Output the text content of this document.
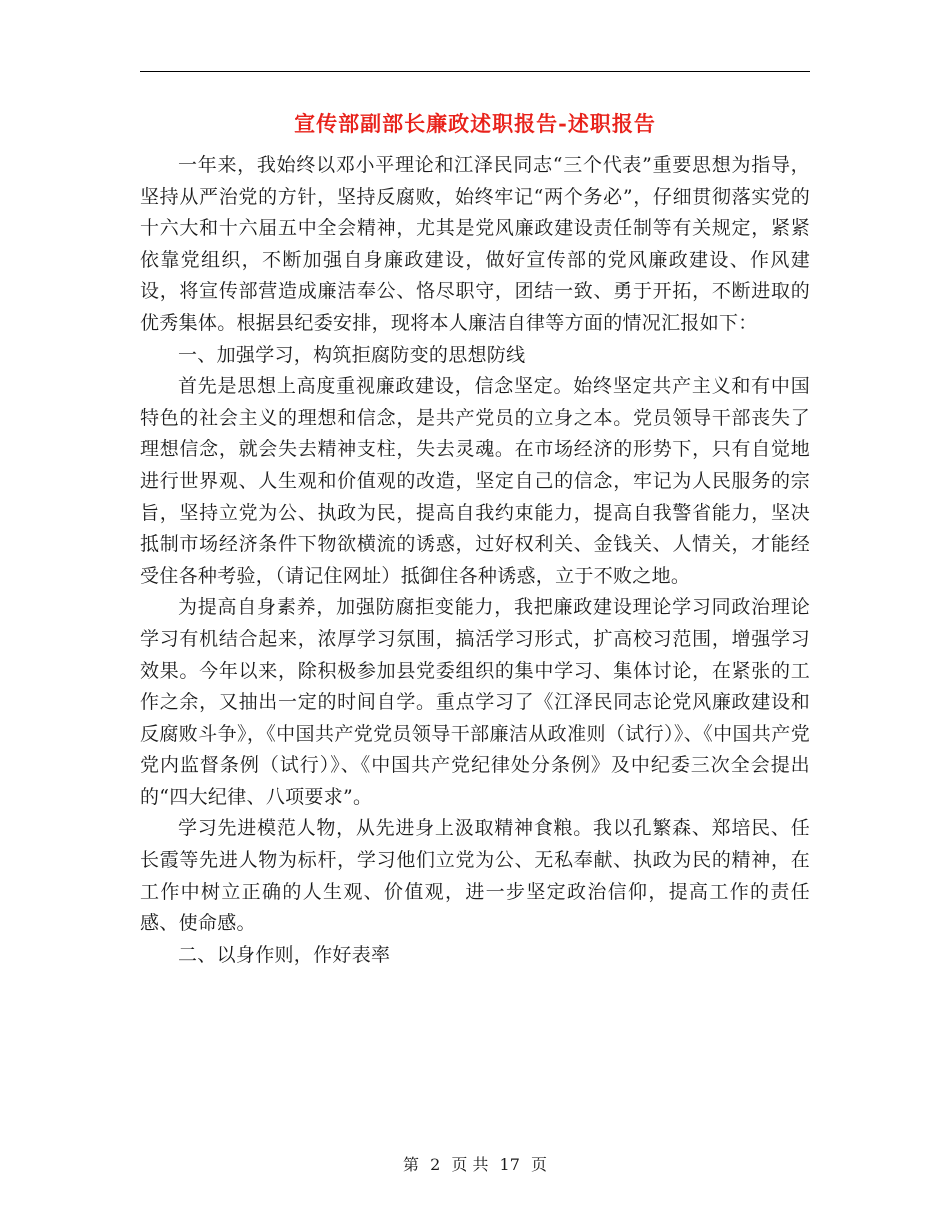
宣传部副部长廉政述职报告-述职报告

一年来，我始终以邓小平理论和江泽民同志“三个代表”重要思想为指导，坚持从严治党的方针，坚持反腐败，始终牢记“两个务必”，仔细贯彻落实党的十六大和十六届五中全会精神，尤其是党风廉政建设责任制等有关规定，紧紧依靠党组织，不断加强自身廉政建设，做好宣传部的党风廉政建设、作风建设，将宣传部营造成廉洁奉公、恪尽职守，团结一致、勇于开拓，不断进取的优秀集体。根据县纪委安排，现将本人廉洁自律等方面的情况汇报如下：

一、加强学习，构筑拒腐防变的思想防线

首先是思想上高度重视廉政建设，信念坚定。始终坚定共产主义和有中国特色的社会主义的理想和信念，是共产党员的立身之本。党员领导干部丧失了理想信念，就会失去精神支柱，失去灵魂。在市场经济的形势下，只有自觉地进行世界观、人生观和价值观的改造，坚定自己的信念，牢记为人民服务的宗旨，坚持立党为公、执政为民，提高自我约束能力，提高自我警省能力，坚决抵制市场经济条件下物欲横流的诱惑，过好权利关、金钱关、人情关，才能经受住各种考验，（请记住网址）抵御住各种诱惑，立于不败之地。

为提高自身素养，加强防腐拒变能力，我把廉政建设理论学习同政治理论学习有机结合起来，浓厚学习氛围，搞活学习形式，扩高校习范围，增强学习效果。今年以来，除积极参加县党委组织的集中学习、集体讨论，在紧张的工作之余，又抽出一定的时间自学。重点学习了《江泽民同志论党风廉政建设和反腐败斗争》，《中国共产党党员领导干部廉洁从政准则（试行）》、《中国共产党党内监督条例（试行）》、《中国共产党纪律处分条例》及中纪委三次全会提出的“四大纪律、八项要求”。

学习先进模范人物，从先进身上汲取精神食粮。我以孔繁森、郑培民、任长霞等先进人物为标杆，学习他们立党为公、无私奉献、执政为民的精神，在工作中树立正确的人生观、价值观，进一步坚定政治信仰，提高工作的责任感、使命感。

二、以身作则，作好表率

第 2 页 共 17 页
